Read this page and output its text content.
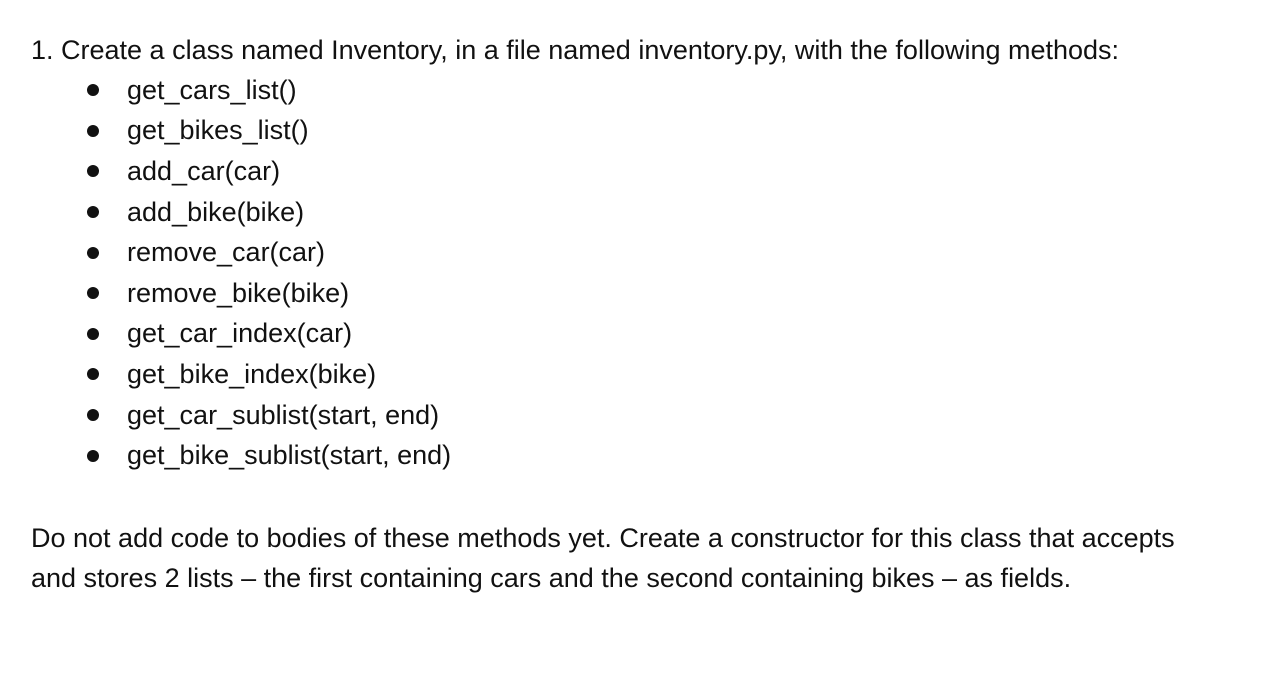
1. Create a class named Inventory, in a file named inventory.py, with the following methods:

get_cars_list()
get_bikes_list()
add_car(car)
add_bike(bike)
remove_car(car)
remove_bike(bike)
get_car_index(car)
get_bike_index(bike)
get_car_sublist(start, end)
get_bike_sublist(start, end)

Do not add code to bodies of these methods yet. Create a constructor for this class that accepts and stores 2 lists – the first containing cars and the second containing bikes – as fields.
